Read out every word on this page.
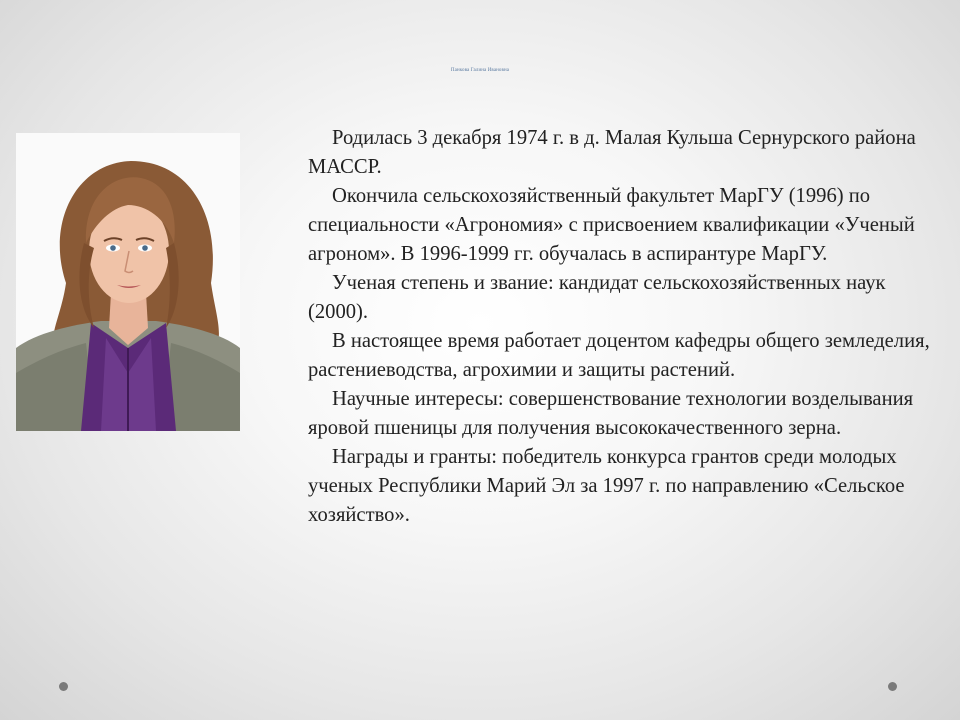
Панкова Галина Ивановна

Родилась 3 декабря 1974 г. в д. Малая Кульша Сернурского района МАССР.

Окончила сельскохозяйственный факультет МарГУ (1996) по специальности «Агрономия» с присвоением квалификации «Ученый агроном». В 1996-1999 гг. обучалась в аспирантуре МарГУ.

Ученая степень и звание: кандидат сельскохозяйственных наук (2000).

В настоящее время работает доцентом кафедры общего земледелия, растениеводства, агрохимии и защиты растений.

Научные интересы: совершенствование технологии возделывания яровой пшеницы для получения высококачественного зерна.

Награды и гранты: победитель конкурса грантов среди молодых ученых Республики Марий Эл за 1997 г. по направлению «Сельское хозяйство».
